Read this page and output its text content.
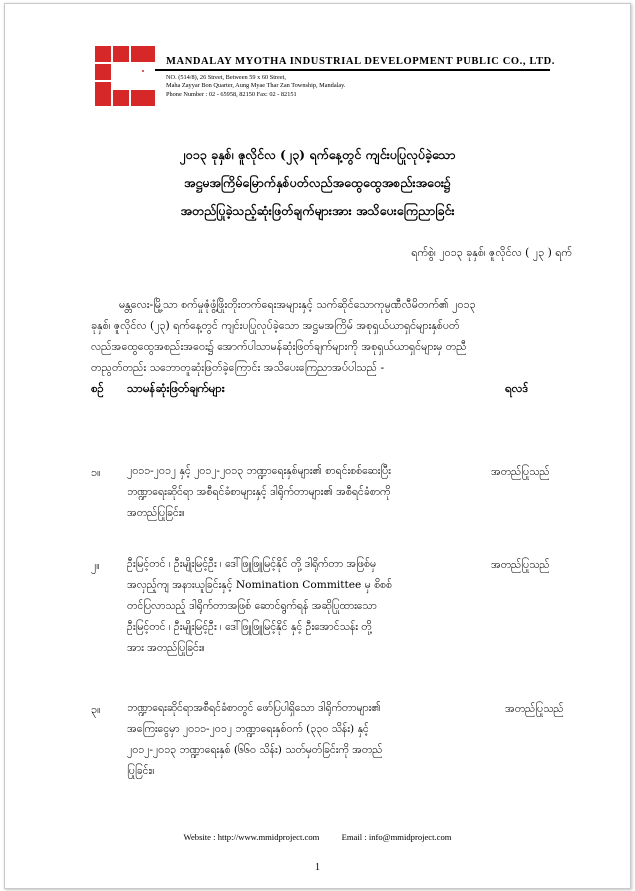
MANDALAY MYOTHA INDUSTRIAL DEVELOPMENT PUBLIC CO., LTD.
NO. (514/8), 26 Street, Between 59 x 60 Street,
Maha Zayyar Bon Quarter, Aung Myae Thar Zan Township, Mandalay.
Phone Number : 02 - 65958, 82150 Fax: 02 - 82151
၂၀၁၃ ခုနှစ်၊ ဇူလိုင်လ (၂၃) ရက်နေ့တွင် ကျင်းပပြုလုပ်ခဲ့သော
အဋ္ဌမအကြိမ်မြောက်နှစ်ပတ်လည်အထွေထွေအစည်းအဝေး၌
အတည်ပြုခဲ့သည့်ဆုံးဖြတ်ချက်များအား အသိပေးကြေညာခြင်း
ရက်စွဲ၊ ၂၀၁၃ ခုနှစ်၊ ဇူလိုင်လ ( ၂၃ ) ရက်
မန္တလေး-မြို့သာ စက်မှုဇုံဖွံ့ဖြိုးတိုးတက်ရေးအများနှင့် သက်ဆိုင်သောကုမ္ပဏီလီမိတက်၏ ၂၀၁၃
ခုနှစ်၊ ဇူလိုင်လ (၂၃) ရက်နေ့တွင် ကျင်းပပြုလုပ်ခဲ့သော အဋ္ဌမအကြိမ် အစုရှယ်ယာရှင်များနှစ်ပတ်
လည်အထွေထွေအစည်းအဝေး၌ အောက်ပါသာမန်ဆုံးဖြတ်ချက်များကို အစုရှယ်ယာရှင်များမှ တညီ
တညွတ်တည်း သဘောတူဆုံးဖြတ်ခဲ့ကြောင်း အသိပေးကြေညာအပ်ပါသည် -
စဉ် သာမန်ဆုံးဖြတ်ချက်များ	ရလဒ်
၁။ ၂၀၁၁-၂၀၁၂ နှင့် ၂၀၁၂-၂၀၁၃ ဘဏ္ဍာရေးနှစ်များ၏ စာရင်းစစ်ဆေးပြီး
ဘဏ္ဍာရေးဆိုင်ရာ အစီရင်ခံစာများနှင့် ဒါရိုက်တာများ၏ အစီရင်ခံစာကို
အတည်ပြုခြင်း။
အတည်ပြုသည်
၂။	ဦးမြင့်တင် ၊ ဦးမျိုးမြင့်ဦး ၊ ဒေါ်ဖြူဖြူမြင့်နိုင် တို့ ဒါရိုက်တာ အဖြစ်မှ
အလှည့်ကျ အနားယူခြင်းနှင့် Nomination Committee မှ စိစစ်
တင်ပြလာသည့် ဒါရိုက်တာအဖြစ် ဆောင်ရွက်ရန် အဆိုပြုထားသော
ဦးမြင့်တင် ၊ ဦးမျိုးမြင့်ဦး ၊ ဒေါ်ဖြူဖြူမြင့်နိုင် နှင့် ဦးအောင်သန်း တို့
အား အတည်ပြုခြင်း။
အတည်ပြုသည်
၃။ ဘဏ္ဍာရေးဆိုင်ရာအစီရင်ခံစာတွင် ဖော်ပြပါရှိသော ဒါရိုက်တာများ၏
အကြေးငွေမှာ ၂၀၁၁-၂၀၁၂ ဘဏ္ဍာရေးနှစ်ဝက် (၃၃၀ သိန်း) နှင့်
၂၀၁၂-၂၀၁၃ ဘဏ္ဍာရေးနှစ် (၆၆၀ သိန်း) သတ်မှတ်ခြင်းကို အတည်
ပြုခြင်း။
အတည်ပြုသည်
Website : http://www.mmidproject.com	Email : info@mmidproject.com
1
